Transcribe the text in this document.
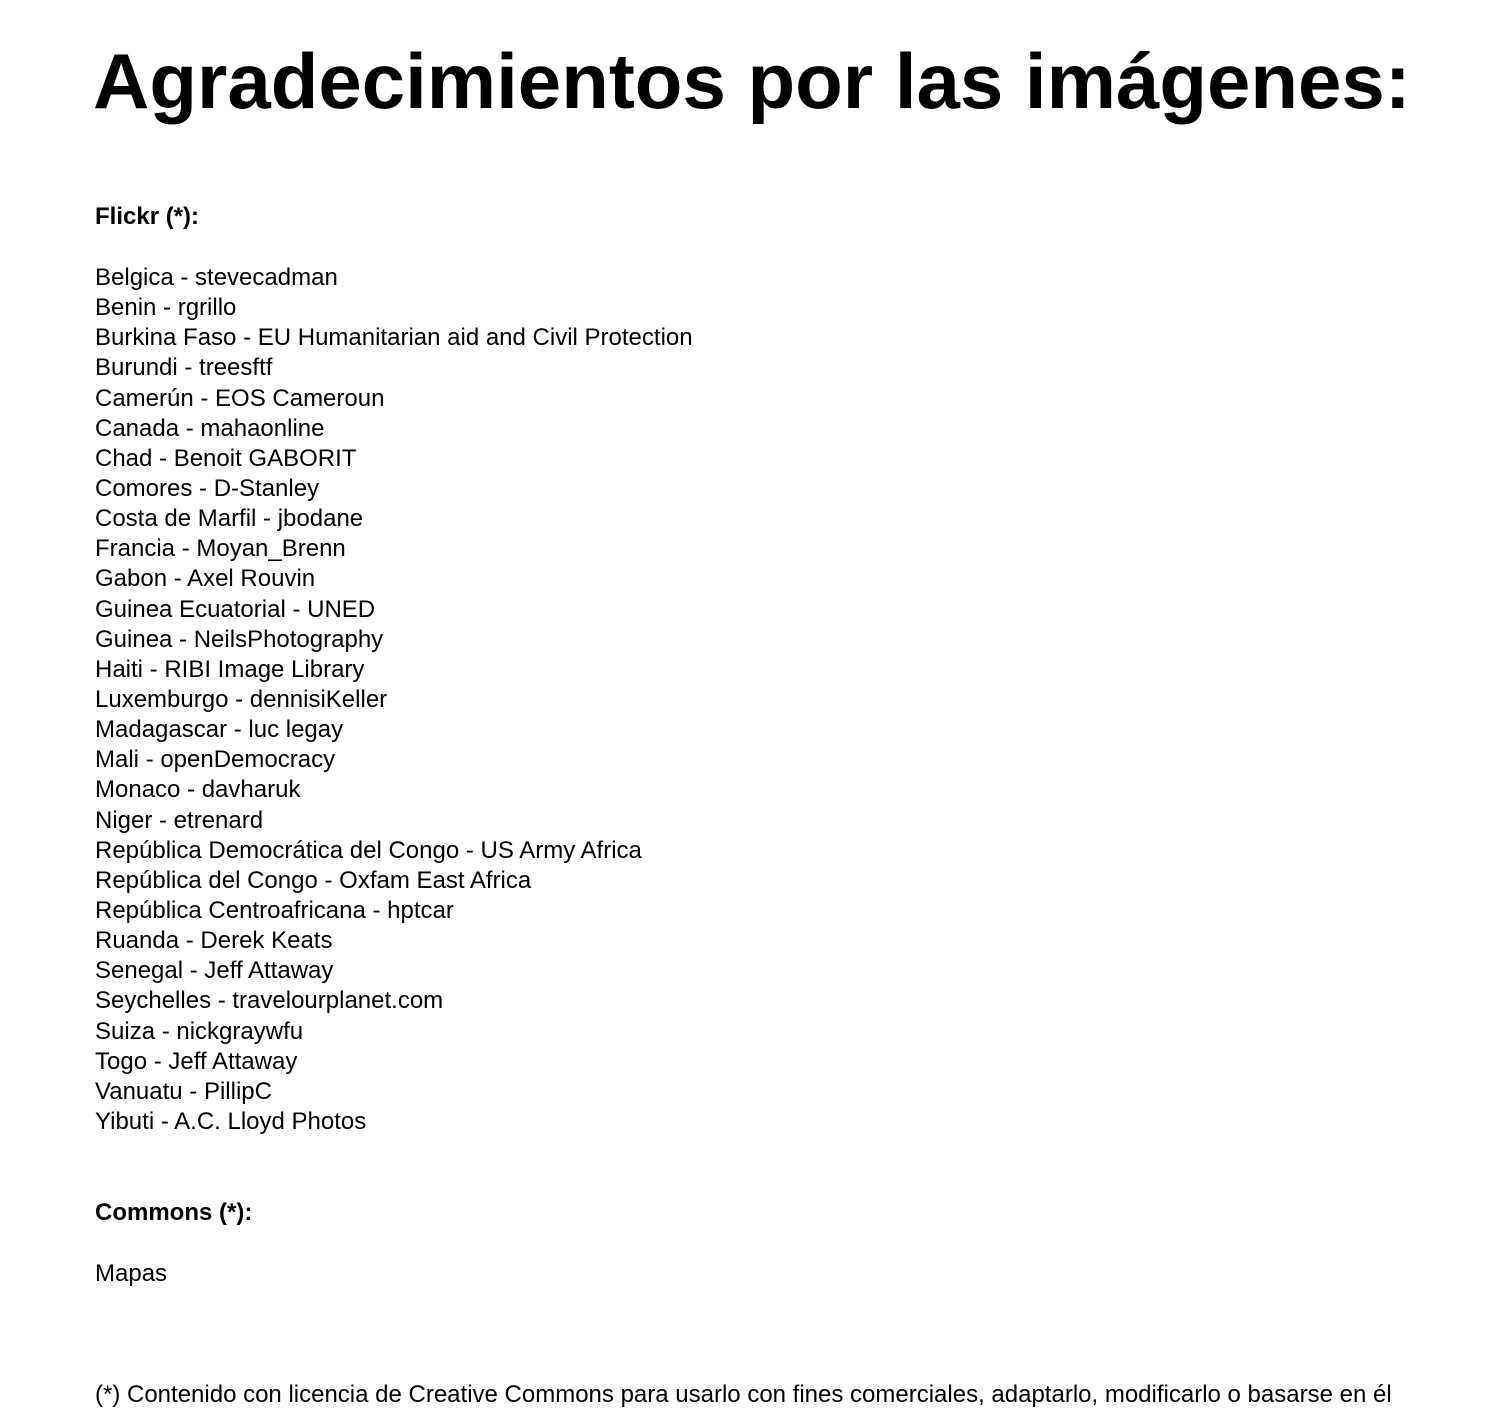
Agradecimientos por las imágenes:
Flickr (*):
Belgica - stevecadman
Benin - rgrillo
Burkina Faso - EU Humanitarian aid and Civil Protection
Burundi - treesftf
Camerún - EOS Cameroun
Canada - mahaonline
Chad - Benoit GABORIT
Comores - D-Stanley
Costa de Marfil - jbodane
Francia - Moyan_Brenn
Gabon - Axel Rouvin
Guinea Ecuatorial - UNED
Guinea - NeilsPhotography
Haiti - RIBI Image Library
Luxemburgo - dennisiKeller
Madagascar - luc legay
Mali - openDemocracy
Monaco - davharuk
Niger - etrenard
República Democrática del Congo - US Army Africa
República del Congo - Oxfam East Africa
República Centroafricana - hptcar
Ruanda - Derek Keats
Senegal - Jeff Attaway
Seychelles - travelourplanet.com
Suiza - nickgraywfu
Togo - Jeff Attaway
Vanuatu - PillipC
Yibuti - A.C. Lloyd Photos
Commons (*):

Mapas

(*) Contenido con licencia de Creative Commons para usarlo con fines comerciales, adaptarlo, modificarlo o basarse en él
